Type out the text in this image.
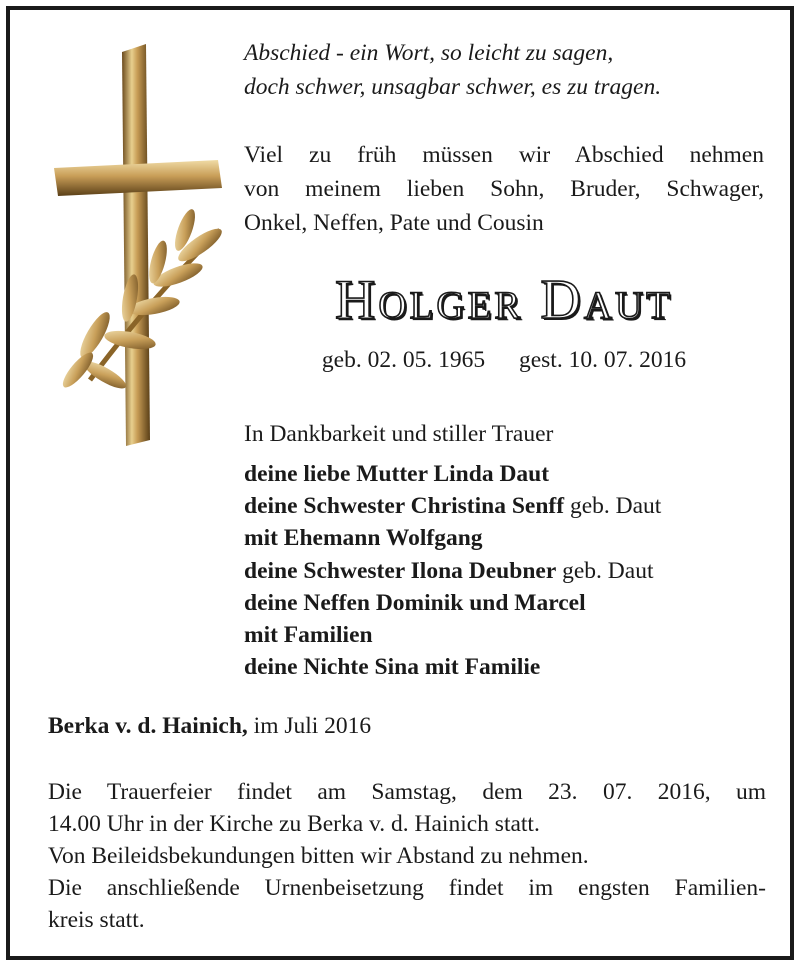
Abschied - ein Wort, so leicht zu sagen,
doch schwer, unsagbar schwer, es zu tragen.
Viel zu früh müssen wir Abschied nehmen
von meinem lieben Sohn, Bruder, Schwager,
Onkel, Neffen, Pate und Cousin
Holger Daut
geb. 02. 05. 1965 gest. 10. 07. 2016
In Dankbarkeit und stiller Trauer
deine liebe Mutter Linda Daut
deine Schwester Christina Senff geb. Daut
mit Ehemann Wolfgang
deine Schwester Ilona Deubner geb. Daut
deine Neffen Dominik und Marcel
mit Familien
deine Nichte Sina mit Familie
Berka v. d. Hainich, im Juli 2016

Die Trauerfeier findet am Samstag, dem 23. 07. 2016, um

14.00 Uhr in der Kirche zu Berka v. d. Hainich statt.

Von Beileidsbekundungen bitten wir Abstand zu nehmen.

Die anschließende Urnenbeisetzung findet im engsten Familien-

kreis statt.
